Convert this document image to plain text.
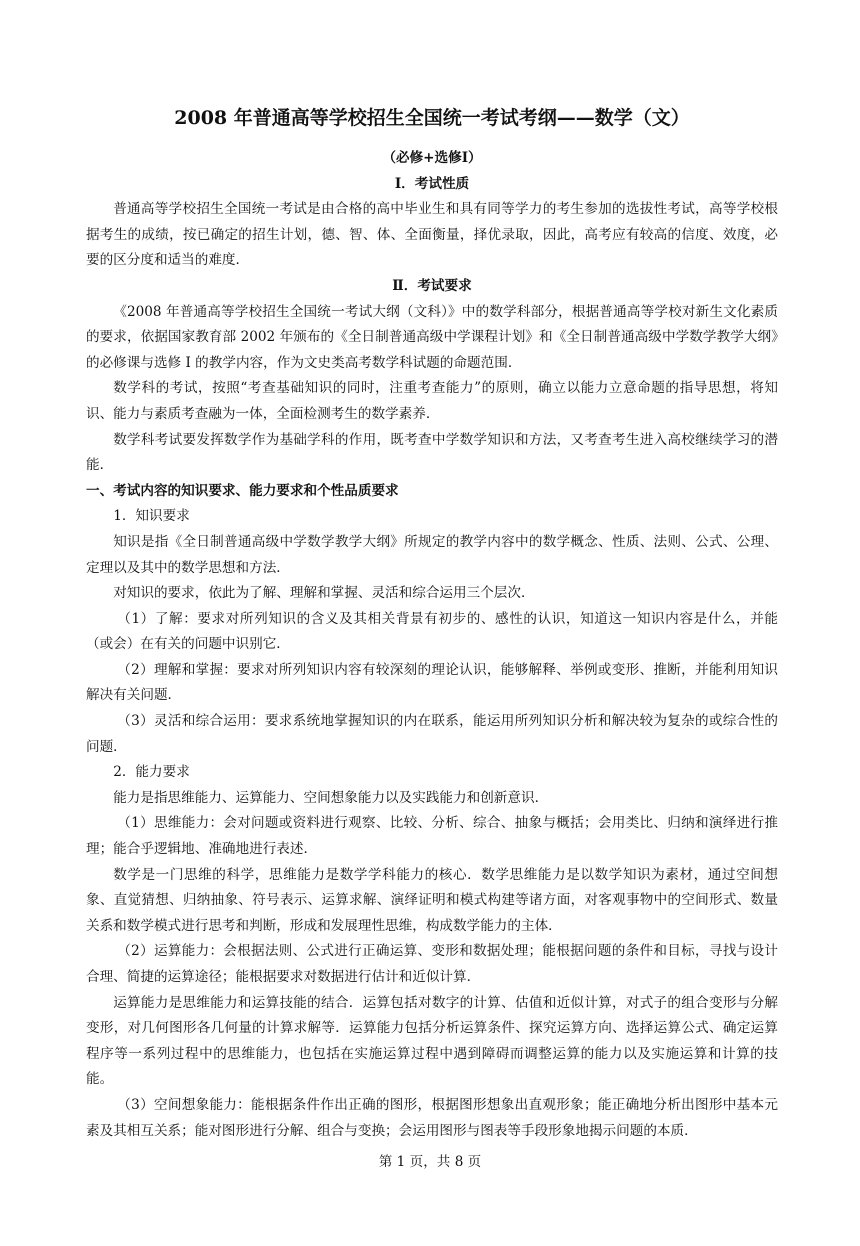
2008 年普通高等学校招生全国统一考试考纲——数学（文）

（必修+选修Ⅰ）

Ⅰ．考试性质

普通高等学校招生全国统一考试是由合格的高中毕业生和具有同等学力的考生参加的选拔性考试，高等学校根据考生的成绩，按已确定的招生计划，德、智、体、全面衡量，择优录取，因此，高考应有较高的信度、效度，必要的区分度和适当的难度．

Ⅱ．考试要求

《2008 年普通高等学校招生全国统一考试大纲（文科）》中的数学科部分，根据普通高等学校对新生文化素质的要求，依据国家教育部 2002 年颁布的《全日制普通高级中学课程计划》和《全日制普通高级中学数学教学大纲》的必修课与选修 I 的教学内容，作为文史类高考数学科试题的命题范围．

数学科的考试，按照“考查基础知识的同时，注重考查能力”的原则，确立以能力立意命题的指导思想，将知识、能力与素质考查融为一体，全面检测考生的数学素养．

数学科考试要发挥数学作为基础学科的作用，既考查中学数学知识和方法，又考查考生进入高校继续学习的潜能．

一、考试内容的知识要求、能力要求和个性品质要求

1．知识要求

知识是指《全日制普通高级中学数学教学大纲》所规定的教学内容中的数学概念、性质、法则、公式、公理、定理以及其中的数学思想和方法．

对知识的要求，依此为了解、理解和掌握、灵活和综合运用三个层次．

（1）了解：要求对所列知识的含义及其相关背景有初步的、感性的认识，知道这一知识内容是什么，并能（或会）在有关的问题中识别它．

（2）理解和掌握：要求对所列知识内容有较深刻的理论认识，能够解释、举例或变形、推断，并能利用知识解决有关问题．

（3）灵活和综合运用：要求系统地掌握知识的内在联系，能运用所列知识分析和解决较为复杂的或综合性的问题．

2．能力要求

能力是指思维能力、运算能力、空间想象能力以及实践能力和创新意识．

（1）思维能力：会对问题或资料进行观察、比较、分析、综合、抽象与概括；会用类比、归纳和演绎进行推理；能合乎逻辑地、准确地进行表述．

数学是一门思维的科学，思维能力是数学学科能力的核心．数学思维能力是以数学知识为素材，通过空间想象、直觉猜想、归纳抽象、符号表示、运算求解、演绎证明和模式构建等诸方面，对客观事物中的空间形式、数量关系和数学模式进行思考和判断，形成和发展理性思维，构成数学能力的主体．

（2）运算能力：会根据法则、公式进行正确运算、变形和数据处理；能根据问题的条件和目标，寻找与设计合理、简捷的运算途径；能根据要求对数据进行估计和近似计算．

运算能力是思维能力和运算技能的结合．运算包括对数字的计算、估值和近似计算，对式子的组合变形与分解变形，对几何图形各几何量的计算求解等．运算能力包括分析运算条件、探究运算方向、选择运算公式、确定运算程序等一系列过程中的思维能力，也包括在实施运算过程中遇到障碍而调整运算的能力以及实施运算和计算的技能。

（3）空间想象能力：能根据条件作出正确的图形，根据图形想象出直观形象；能正确地分析出图形中基本元素及其相互关系；能对图形进行分解、组合与变换；会运用图形与图表等手段形象地揭示问题的本质．

第 1 页，共 8 页
